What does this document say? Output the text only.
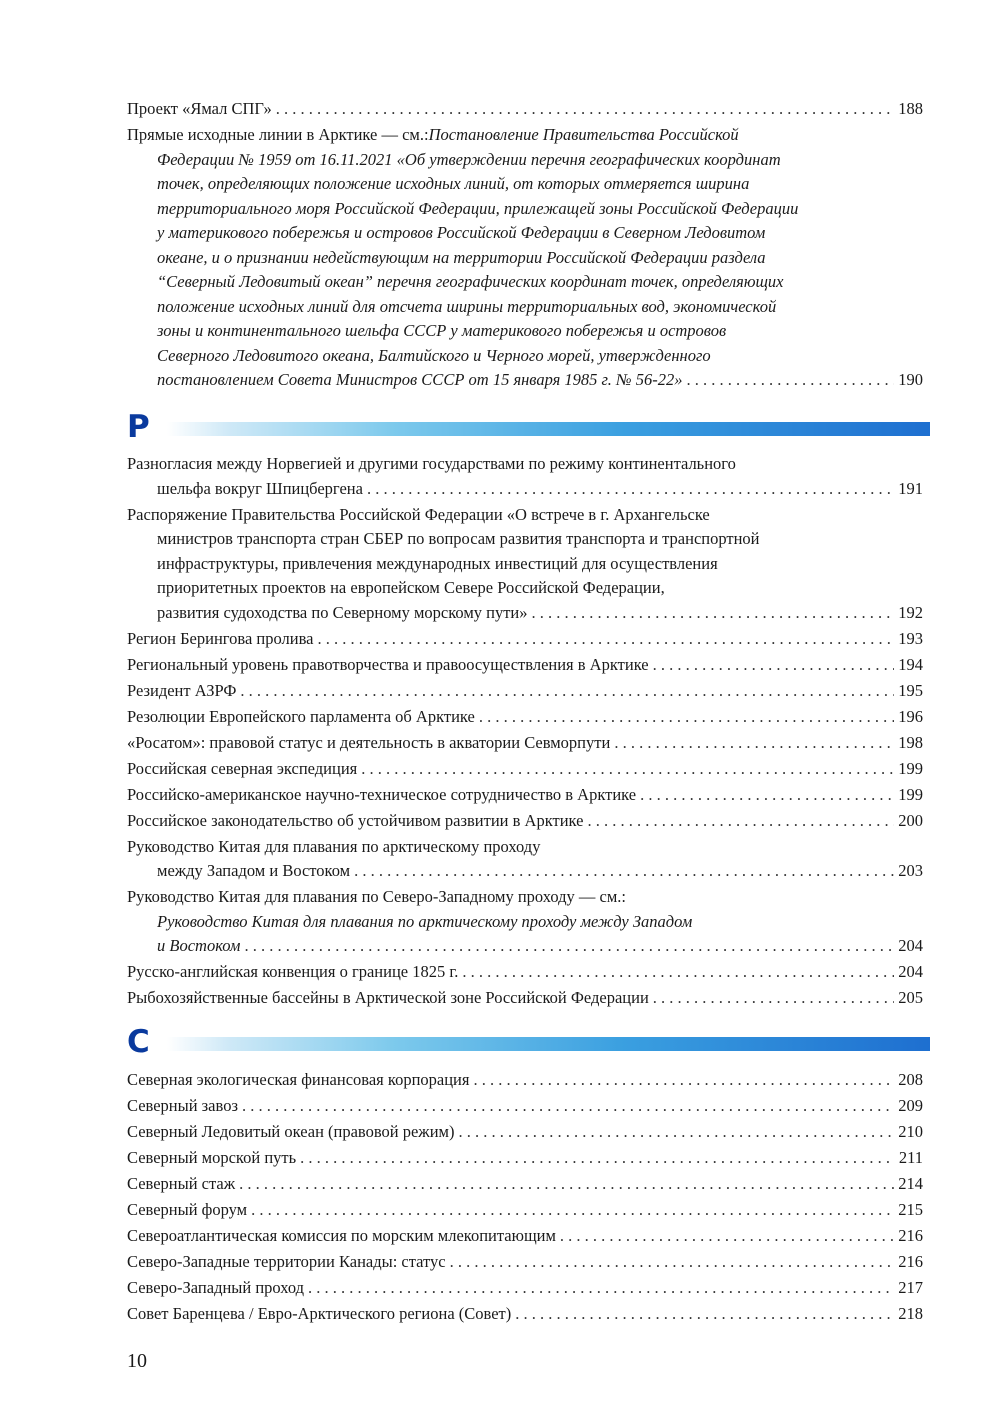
Проект «Ямал СПГ» . . .	188
Прямые исходные линии в Арктике — см.: Постановление Правительства Российской
Федерации № 1959 от 16.11.2021 «Об утверждении перечня географических координат
точек, определяющих положение исходных линий, от которых отмеряется ширина
территориального моря Российской Федерации, прилежащей зоны Российской Федерации
у материкового побережья и островов Российской Федерации в Северном Ледовитом
океане, и о признании недействующим на территории Российской Федерации раздела
“Северный Ледовитый океан” перечня географических координат точек, определяющих
положение исходных линий для отсчета ширины территориальных вод, экономической
зоны и континентального шельфа СССР у материкового побережья и островов
Северного Ледовитого океана, Балтийского и Черного морей, утвержденного
постановлением Совета Министров СССР от 15 января 1985 г. № 56-22» . . .	190
Р
Разногласия между Норвегией и другими государствами по режиму континентального
шельфа вокруг Шпицбергена . . .	191
Распоряжение Правительства Российской Федерации «О встрече в г. Архангельске
министров транспорта стран СБЕР по вопросам развития транспорта и транспортной
инфраструктуры, привлечения международных инвестиций для осуществления
приоритетных проектов на европейском Севере Российской Федерации,
развития судоходства по Северному морскому пути» . . .	192
Регион Берингова пролива . . .	193
Региональный уровень правотворчества и правоосуществления в Арктике . . .	194
Резидент АЗРФ . . .	195
Резолюции Европейского парламента об Арктике . . .	196
«Росатом»: правовой статус и деятельность в акватории Севморпути . . .	198
Российская северная экспедиция . . .	199
Российско-американское научно-техническое сотрудничество в Арктике . . .	199
Российское законодательство об устойчивом развитии в Арктике . . .	200
Руководство Китая для плавания по арктическому проходу
между Западом и Востоком . . .	203
Руководство Китая для плавания по Северо-Западному проходу — см.:
Руководство Китая для плавания по арктическому проходу между Западом
и Востоком . . .	204
Русско-английская конвенция о границе 1825 г. . . .	204
Рыбохозяйственные бассейны в Арктической зоне Российской Федерации . . .	205
С
Северная экологическая финансовая корпорация . . .	208
Северный завоз . . .	209
Северный Ледовитый океан (правовой режим) . . .	210
Северный морской путь . . .	211
Северный стаж . . .	214
Северный форум . . .	215
Североатлантическая комиссия по морским млекопитающим . . .	216
Северо-Западные территории Канады: статус . . .	216
Северо-Западный проход . . .	217
Совет Баренцева / Евро-Арктического региона (Совет) . . .	218
10
